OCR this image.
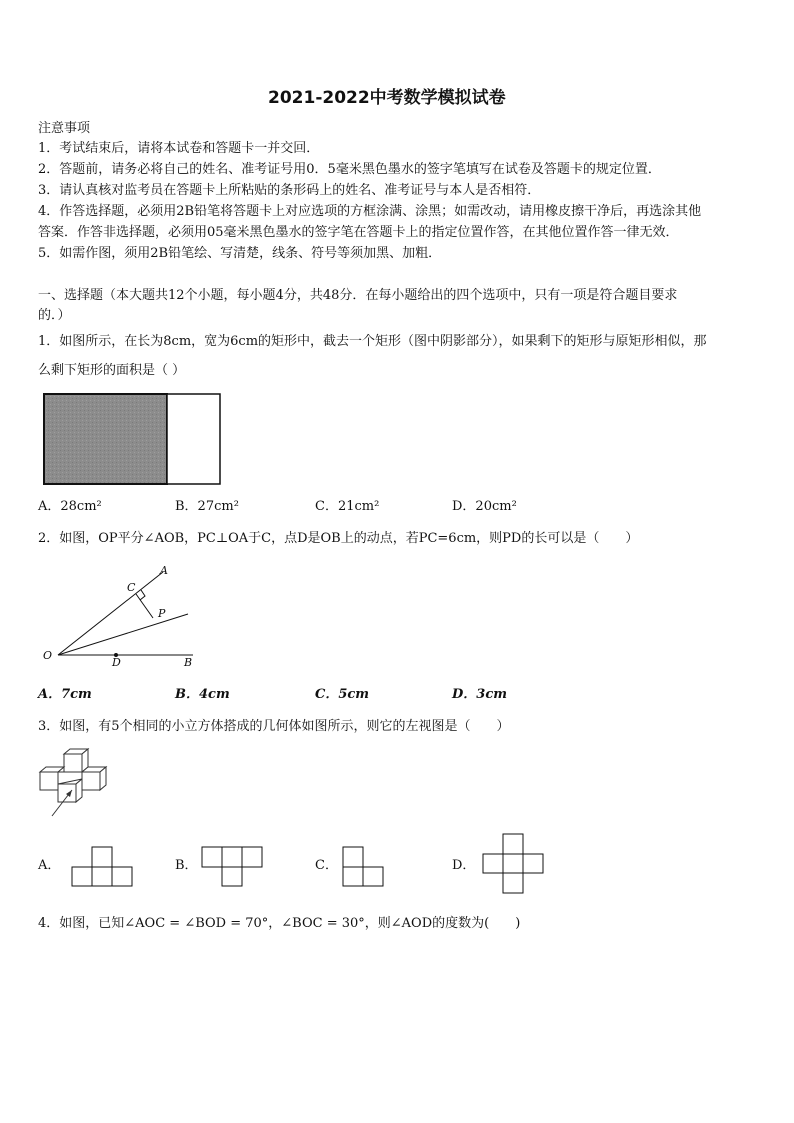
2021-2022中考数学模拟试卷
注意事项
1．考试结束后，请将本试卷和答题卡一并交回．
2．答题前，请务必将自己的姓名、准考证号用0．5毫米黑色墨水的签字笔填写在试卷及答题卡的规定位置．
3．请认真核对监考员在答题卡上所粘贴的条形码上的姓名、准考证号与本人是否相符．
4．作答选择题，必须用2B铅笔将答题卡上对应选项的方框涂满、涂黑；如需改动，请用橡皮擦干净后，再选涂其他
答案．作答非选择题，必须用05毫米黑色墨水的签字笔在答题卡上的指定位置作答，在其他位置作答一律无效．
5．如需作图，须用2B铅笔绘、写清楚，线条、符号等须加黑、加粗．
一、选择题（本大题共12个小题，每小题4分，共48分．在每小题给出的四个选项中，只有一项是符合题目要求
的．）
1．如图所示，在长为8cm，宽为6cm的矩形中，截去一个矩形（图中阴影部分），如果剩下的矩形与原矩形相似，那
么剩下矩形的面积是（ ）
A．28cm²	B．27cm²	C．21cm²	D．20cm²
2．如图，OP平分∠AOB，PC⊥OA于C，点D是OB上的动点，若PC=6cm，则PD的长可以是（　　）
A
C
P
O
D	B
A．7cm	B．4cm	C．5cm	D．3cm
3．如图，有5个相同的小立方体搭成的几何体如图所示，则它的左视图是（　　）
A．	B．	C．	D．
4．如图，已知∠AOC = ∠BOD = 70°，∠BOC = 30°，则∠AOD的度数为(　　)
